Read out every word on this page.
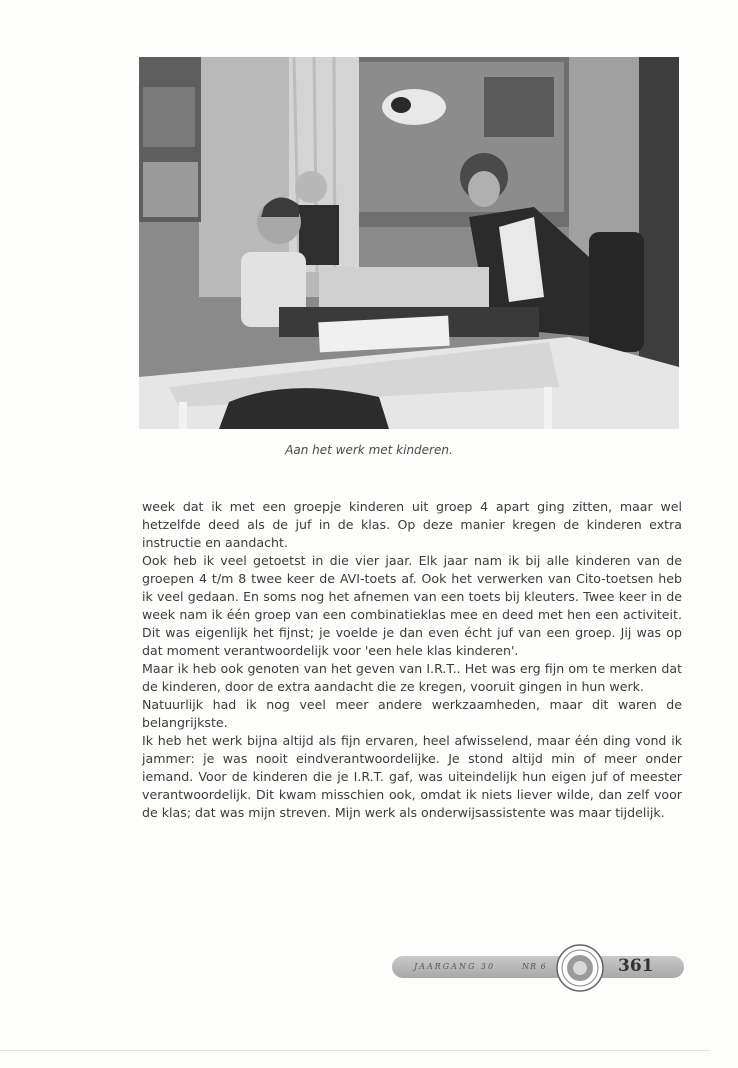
Aan het werk met kinderen.

week dat ik met een groepje kinderen uit groep 4 apart ging zitten, maar wel hetzelfde deed als de juf in de klas. Op deze manier kregen de kinderen extra instructie en aandacht.

Ook heb ik veel getoetst in die vier jaar. Elk jaar nam ik bij alle kinderen van de groepen 4 t/m 8 twee keer de AVI-toets af. Ook het verwerken van Cito-toetsen heb ik veel gedaan. En soms nog het afnemen van een toets bij kleuters. Twee keer in de week nam ik één groep van een combinatieklas mee en deed met hen een activiteit. Dit was eigenlijk het fijnst; je voelde je dan even écht juf van een groep. Jij was op dat moment verantwoordelijk voor 'een hele klas kinderen'.

Maar ik heb ook genoten van het geven van I.R.T.. Het was erg fijn om te merken dat de kinderen, door de extra aandacht die ze kregen, vooruit gingen in hun werk.

Natuurlijk had ik nog veel meer andere werkzaamheden, maar dit waren de belangrijkste.

Ik heb het werk bijna altijd als fijn ervaren, heel afwisselend, maar één ding vond ik jammer: je was nooit eindverantwoordelijke. Je stond altijd min of meer onder iemand. Voor de kinderen die je I.R.T. gaf, was uiteindelijk hun eigen juf of meester verantwoordelijk. Dit kwam misschien ook, omdat ik niets liever wilde, dan zelf voor de klas; dat was mijn streven. Mijn werk als onderwijsassistente was maar tijdelijk.

JAARGANG 30	NR 6	361
